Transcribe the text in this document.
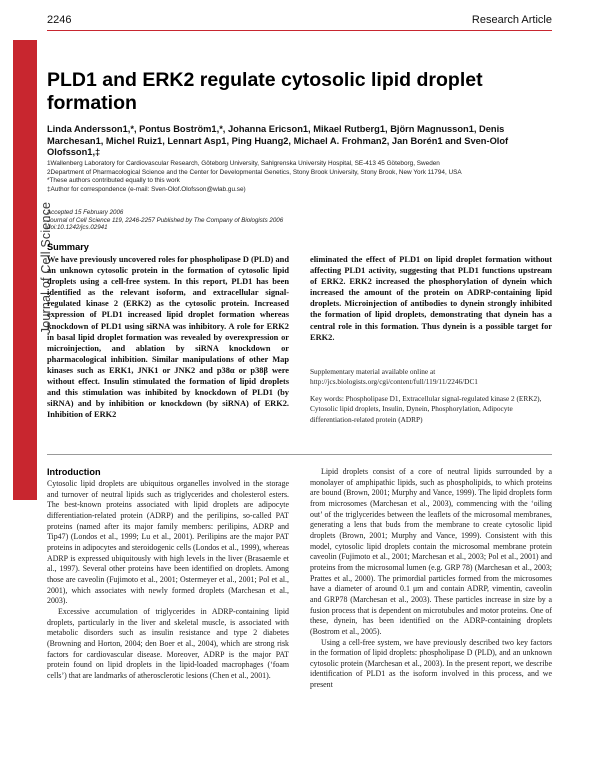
Journal of Cell Science
2246	Research Article
PLD1 and ERK2 regulate cytosolic lipid droplet formation
Linda Andersson1,*, Pontus Boström1,*, Johanna Ericson1, Mikael Rutberg1, Björn Magnusson1, Denis Marchesan1, Michel Ruiz1, Lennart Asp1, Ping Huang2, Michael A. Frohman2, Jan Borén1 and Sven-Olof Olofsson1,‡
1Wallenberg Laboratory for Cardiovascular Research, Göteborg University, Sahlgrenska University Hospital, SE-413 45 Göteborg, Sweden
2Department of Pharmacological Science and the Center for Developmental Genetics, Stony Brook University, Stony Brook, New York 11794, USA
*These authors contributed equally to this work
‡Author for correspondence (e-mail: Sven-Olof.Olofsson@wlab.gu.se)
Accepted 15 February 2006
Journal of Cell Science 119, 2246-2257 Published by The Company of Biologists 2006
doi:10.1242/jcs.02941
Summary
We have previously uncovered roles for phospholipase D (PLD) and an unknown cytosolic protein in the formation of cytosolic lipid droplets using a cell-free system. In this report, PLD1 has been identified as the relevant isoform, and extracellular signal-regulated kinase 2 (ERK2) as the cytosolic protein. Increased expression of PLD1 increased lipid droplet formation whereas knockdown of PLD1 using siRNA was inhibitory. A role for ERK2 in basal lipid droplet formation was revealed by overexpression or microinjection, and ablation by siRNA knockdown or pharmacological inhibition. Similar manipulations of other Map kinases such as ERK1, JNK1 or JNK2 and p38α or p38β were without effect. Insulin stimulated the formation of lipid droplets and this stimulation was inhibited by knockdown of PLD1 (by siRNA) and by inhibition or knockdown (by siRNA) of ERK2. Inhibition of ERK2
eliminated the effect of PLD1 on lipid droplet formation without affecting PLD1 activity, suggesting that PLD1 functions upstream of ERK2. ERK2 increased the phosphorylation of dynein which increased the amount of the protein on ADRP-containing lipid droplets. Microinjection of antibodies to dynein strongly inhibited the formation of lipid droplets, demonstrating that dynein has a central role in this formation. Thus dynein is a possible target for ERK2.
Supplementary material available online at
http://jcs.biologists.org/cgi/content/full/119/11/2246/DC1
Key words: Phospholipase D1, Extracellular signal-regulated kinase 2 (ERK2), Cytosolic lipid droplets, Insulin, Dynein, Phosphorylation, Adipocyte differentiation-related protein (ADRP)
Introduction

Cytosolic lipid droplets are ubiquitous organelles involved in the storage and turnover of neutral lipids such as triglycerides and cholesterol esters. The best-known proteins associated with lipid droplets are adipocyte differentiation-related protein (ADRP) and the perilipins, so-called PAT proteins (named after its major family members: perilipins, ADRP and Tip47) (Londos et al., 1999; Lu et al., 2001). Perilipins are the major PAT proteins in adipocytes and steroidogenic cells (Londos et al., 1999), whereas ADRP is expressed ubiquitously with high levels in the liver (Brasaemle et al., 1997). Several other proteins have been identified on droplets. Among those are caveolin (Fujimoto et al., 2001; Ostermeyer et al., 2001; Pol et al., 2001), which associates with newly formed droplets (Marchesan et al., 2003).

Excessive accumulation of triglycerides in ADRP-containing lipid droplets, particularly in the liver and skeletal muscle, is associated with metabolic disorders such as insulin resistance and type 2 diabetes (Browning and Horton, 2004; den Boer et al., 2004), which are strong risk factors for cardiovascular disease. Moreover, ADRP is the major PAT protein found on lipid droplets in the lipid-loaded macrophages (‘foam cells’) that are landmarks of atherosclerotic lesions (Chen et al., 2001).

Lipid droplets consist of a core of neutral lipids surrounded by a monolayer of amphipathic lipids, such as phospholipids, to which proteins are bound (Brown, 2001; Murphy and Vance, 1999). The lipid droplets form from microsomes (Marchesan et al., 2003), commencing with the ‘oiling out’ of the triglycerides between the leaflets of the microsomal membranes, generating a lens that buds from the membrane to create cytosolic lipid droplets (Brown, 2001; Murphy and Vance, 1999). Consistent with this model, cytosolic lipid droplets contain the microsomal membrane protein caveolin (Fujimoto et al., 2001; Marchesan et al., 2003; Pol et al., 2001) and proteins from the microsomal lumen (e.g. GRP 78) (Marchesan et al., 2003; Prattes et al., 2000). The primordial particles formed from the microsomes have a diameter of around 0.1 μm and contain ADRP, vimentin, caveolin and GRP78 (Marchesan et al., 2003). These particles increase in size by a fusion process that is dependent on microtubules and motor proteins. One of these, dynein, has been identified on the ADRP-containing droplets (Bostrom et al., 2005).

Using a cell-free system, we have previously described two key factors in the formation of lipid droplets: phospholipase D (PLD), and an unknown cytosolic protein (Marchesan et al., 2003). In the present report, we describe identification of PLD1 as the isoform involved in this process, and we present
